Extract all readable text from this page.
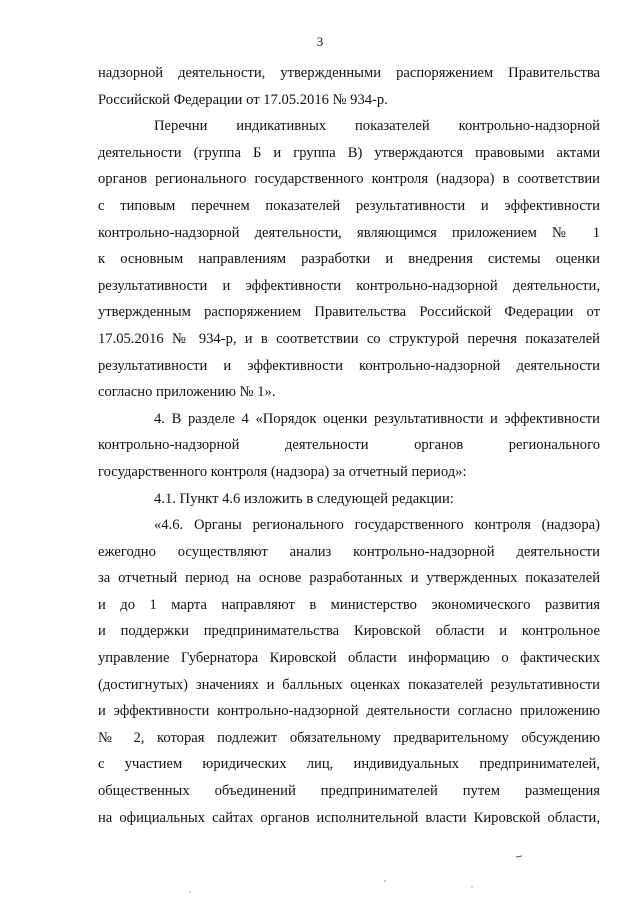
3
надзорной деятельности, утвержденными распоряжением Правительства
Российской Федерации от 17.05.2016 № 934-р.
Перечни индикативных показателей контрольно-надзорной
деятельности (группа Б и группа В) утверждаются правовыми актами
органов регионального государственного контроля (надзора) в соответствии
с типовым перечнем показателей результативности и эффективности
контрольно-надзорной деятельности, являющимся приложением № 1
к основным направлениям разработки и внедрения системы оценки
результативности и эффективности контрольно-надзорной деятельности,
утвержденным распоряжением Правительства Российской Федерации от
17.05.2016 № 934-р, и в соответствии со структурой перечня показателей
результативности и эффективности контрольно-надзорной деятельности
согласно приложению № 1».
4. В разделе 4 «Порядок оценки результативности и эффективности
контрольно-надзорной деятельности органов регионального
государственного контроля (надзора) за отчетный период»:
4.1. Пункт 4.6 изложить в следующей редакции:
«4.6. Органы регионального государственного контроля (надзора)
ежегодно осуществляют анализ контрольно-надзорной деятельности
за отчетный период на основе разработанных и утвержденных показателей
и до 1 марта направляют в министерство экономического развития
и поддержки предпринимательства Кировской области и контрольное
управление Губернатора Кировской области информацию о фактических
(достигнутых) значениях и балльных оценках показателей результативности
и эффективности контрольно-надзорной деятельности согласно приложению
№ 2, которая подлежит обязательному предварительному обсуждению
с участием юридических лиц, индивидуальных предпринимателей,
общественных объединений предпринимателей путем размещения
на официальных сайтах органов исполнительной власти Кировской области,
